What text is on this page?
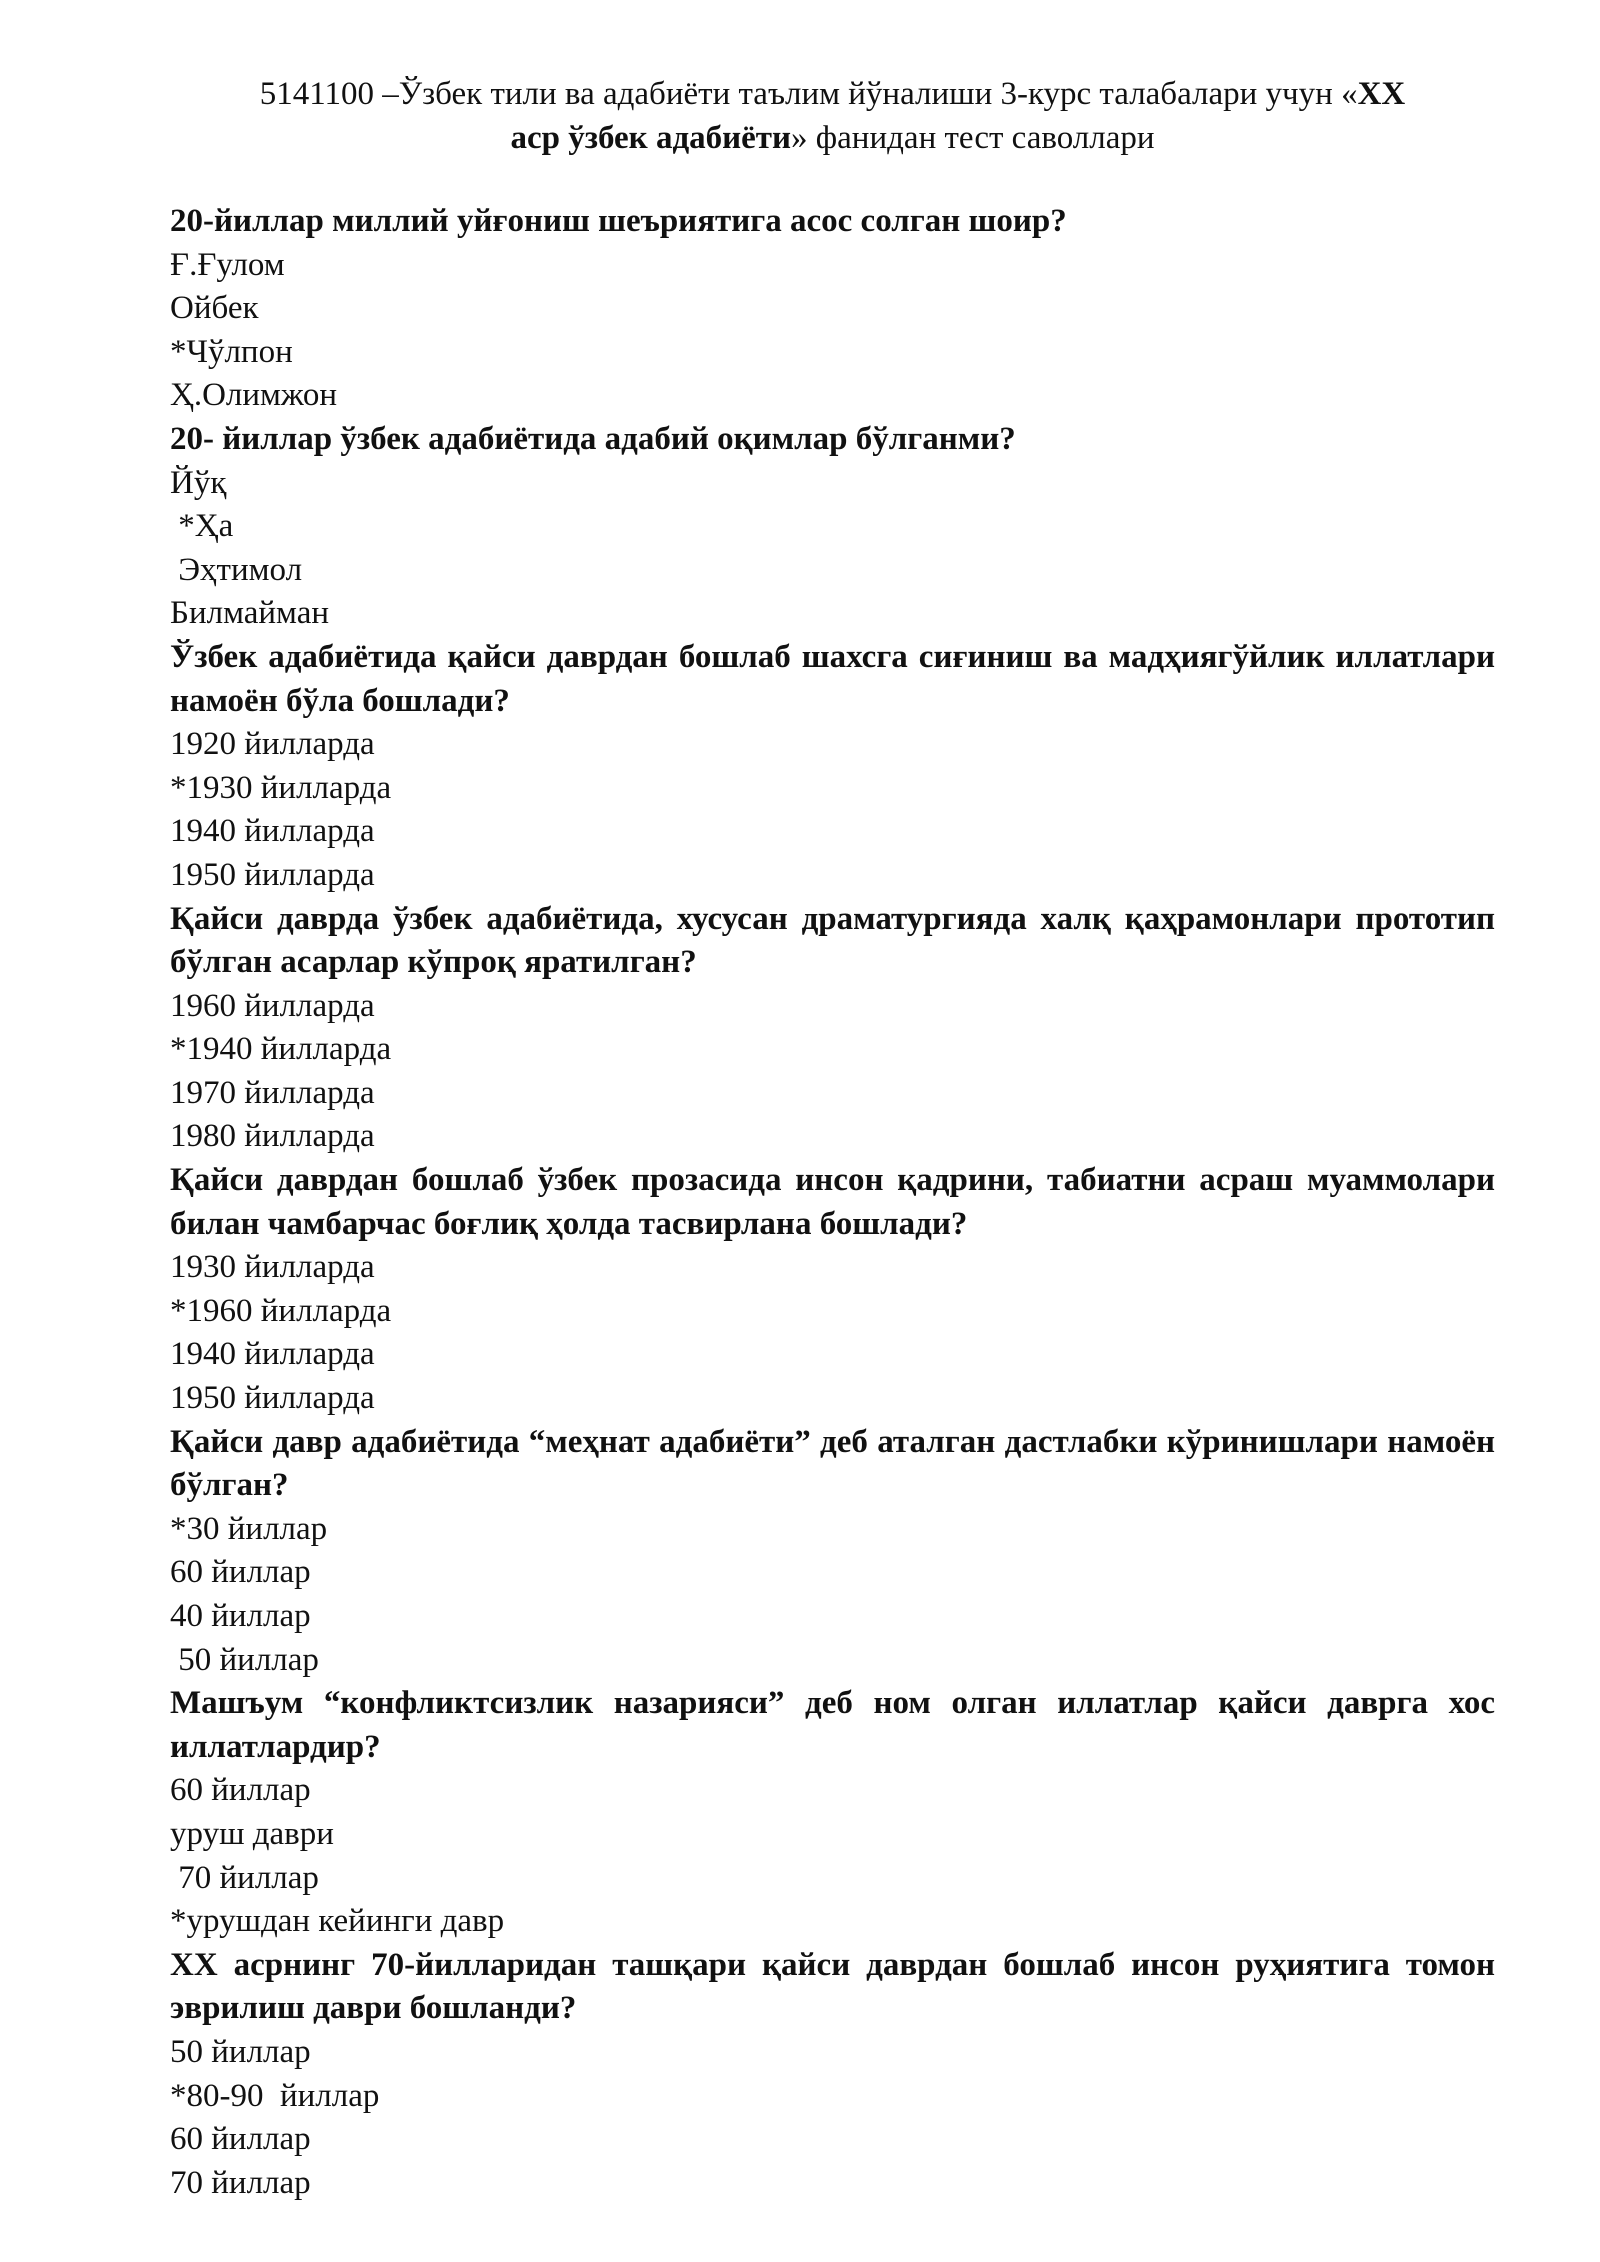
5141100 –Ўзбек тили ва адабиёти таълим йўналиши 3-курс талабалари учун «XX
аср ўзбек адабиёти» фанидан тест саволлари

20-йиллар миллий уйғониш шеъриятига асос солган шоир?

Ғ.Ғулом

Ойбек

*Чўлпон

Ҳ.Олимжон

20- йиллар ўзбек адабиётида адабий оқимлар бўлганми?

Йўқ

*Ҳа

Эҳтимол

Билмайман

Ўзбек адабиётида қайси даврдан бошлаб шахсга сиғиниш ва мадҳиягўйлик иллатлари намоён бўла бошлади?

1920 йилларда

*1930 йилларда

1940 йилларда

1950 йилларда

Қайси даврда ўзбек адабиётида, хусусан драматургияда халқ қаҳрамонлари прототип бўлган асарлар кўпроқ яратилган?

1960 йилларда

*1940 йилларда

1970 йилларда

1980 йилларда

Қайси даврдан бошлаб ўзбек прозасида инсон қадрини, табиатни асраш муаммолари билан чамбарчас боғлиқ ҳолда тасвирлана бошлади?

1930 йилларда

*1960 йилларда

1940 йилларда

1950 йилларда

Қайси давр адабиётида “меҳнат адабиёти” деб аталган дастлабки кўринишлари намоён бўлган?

*30 йиллар

60 йиллар

40 йиллар

50 йиллар

Машъум “конфликтсизлик назарияси” деб ном олган иллатлар қайси даврга хос иллатлардир?

60 йиллар

уруш даври

70 йиллар

*урушдан кейинги давр

XX асрнинг 70-йилларидан ташқари қайси даврдан бошлаб инсон руҳиятига томон эврилиш даври бошланди?

50 йиллар

*80-90  йиллар

60 йиллар

70 йиллар
